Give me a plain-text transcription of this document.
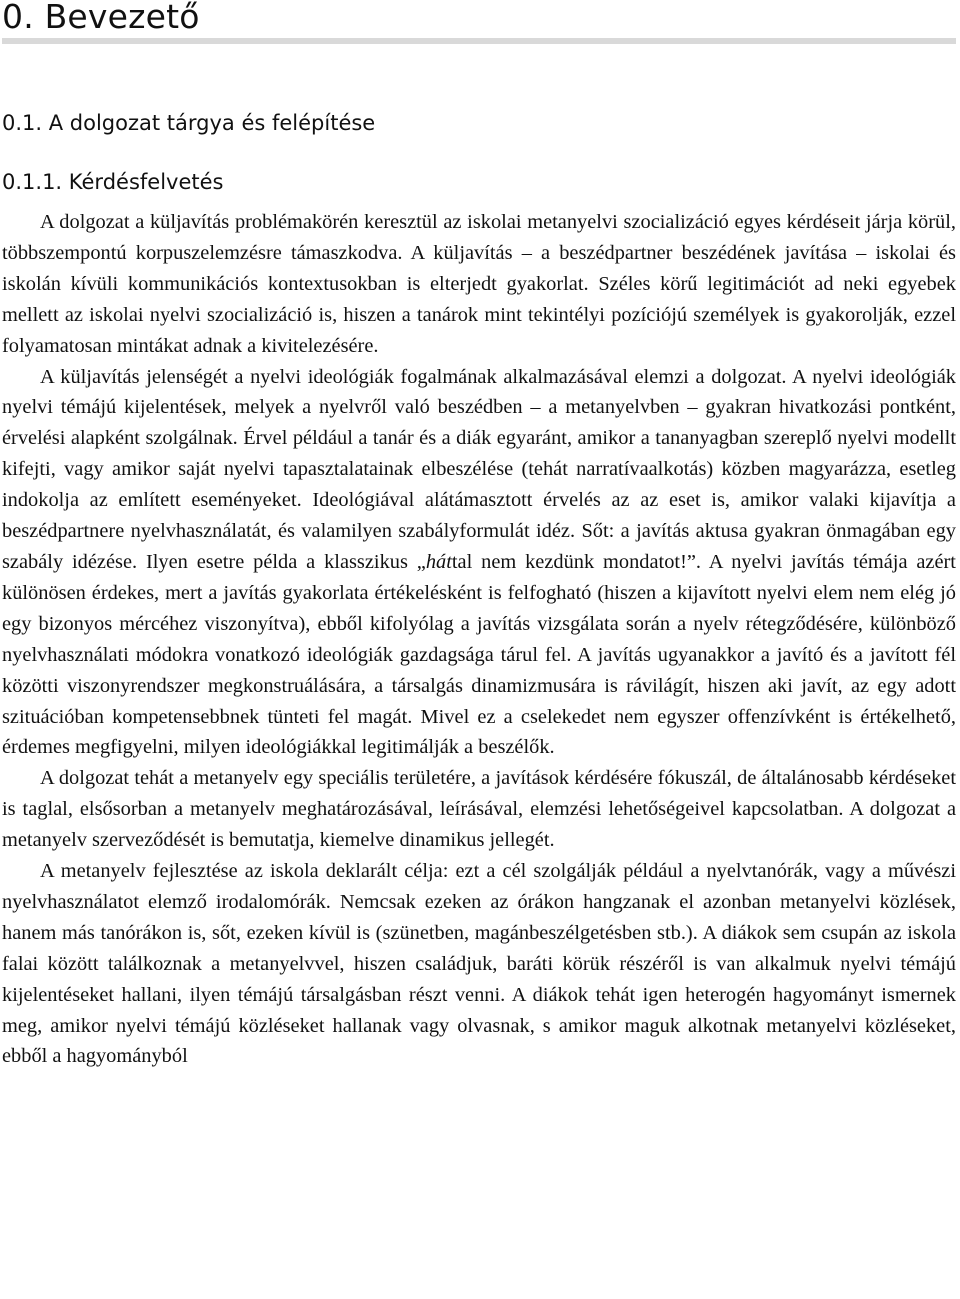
0. Bevezető
0.1. A dolgozat tárgya és felépítése
0.1.1. Kérdésfelvetés

A dolgozat a küljavítás problémakörén keresztül az iskolai metanyelvi szocializáció egyes kérdéseit járja körül, többszempontú korpuszelemzésre támaszkodva. A küljavítás – a beszédpartner beszédének javítása – iskolai és iskolán kívüli kommunikációs kontextusokban is elterjedt gyakorlat. Széles körű legitimációt ad neki egyebek mellett az iskolai nyelvi szocializáció is, hiszen a tanárok mint tekintélyi pozíciójú személyek is gyakorolják, ezzel folyamatosan mintákat adnak a kivitelezésére.

A küljavítás jelenségét a nyelvi ideológiák fogalmának alkalmazásával elemzi a dolgozat. A nyelvi ideológiák nyelvi témájú kijelentések, melyek a nyelvről való beszédben – a metanyelvben – gyakran hivatkozási pontként, érvelési alapként szolgálnak. Érvel például a tanár és a diák egyaránt, amikor a tananyagban szereplő nyelvi modellt kifejti, vagy amikor saját nyelvi tapasztalatainak elbeszélése (tehát narratívaalkotás) közben magyarázza, esetleg indokolja az említett eseményeket. Ideológiával alátámasztott érvelés az az eset is, amikor valaki kijavítja a beszédpartnere nyelvhasználatát, és valamilyen szabályformulát idéz. Sőt: a javítás aktusa gyakran önmagában egy szabály idézése. Ilyen esetre példa a klasszikus „háttal nem kezdünk mondatot!”. A nyelvi javítás témája azért különösen érdekes, mert a javítás gyakorlata értékelésként is felfogható (hiszen a kijavított nyelvi elem nem elég jó egy bizonyos mércéhez viszonyítva), ebből kifolyólag a javítás vizsgálata során a nyelv rétegződésére, különböző nyelvhasználati módokra vonatkozó ideológiák gazdagsága tárul fel. A javítás ugyanakkor a javító és a javított fél közötti viszonyrendszer megkonstruálására, a társalgás dinamizmusára is rávilágít, hiszen aki javít, az egy adott szituációban kompetensebbnek tünteti fel magát. Mivel ez a cselekedet nem egyszer offenzívként is értékelhető, érdemes megfigyelni, milyen ideológiákkal legitimálják a beszélők.

A dolgozat tehát a metanyelv egy speciális területére, a javítások kérdésére fókuszál, de általánosabb kérdéseket is taglal, elsősorban a metanyelv meghatározásával, leírásával, elemzési lehetőségeivel kapcsolatban. A dolgozat a metanyelv szerveződését is bemutatja, kiemelve dinamikus jellegét.

A metanyelv fejlesztése az iskola deklarált célja: ezt a cél szolgálják például a nyelvtanórák, vagy a művészi nyelvhasználatot elemző irodalomórák. Nemcsak ezeken az órákon hangzanak el azonban metanyelvi közlések, hanem más tanórákon is, sőt, ezeken kívül is (szünetben, magánbeszélgetésben stb.). A diákok sem csupán az iskola falai között találkoznak a metanyelvvel, hiszen családjuk, baráti körük részéről is van alkalmuk nyelvi témájú kijelentéseket hallani, ilyen témájú társalgásban részt venni. A diákok tehát igen heterogén hagyományt ismernek meg, amikor nyelvi témájú közléseket hallanak vagy olvasnak, s amikor maguk alkotnak metanyelvi közléseket, ebből a hagyományból
